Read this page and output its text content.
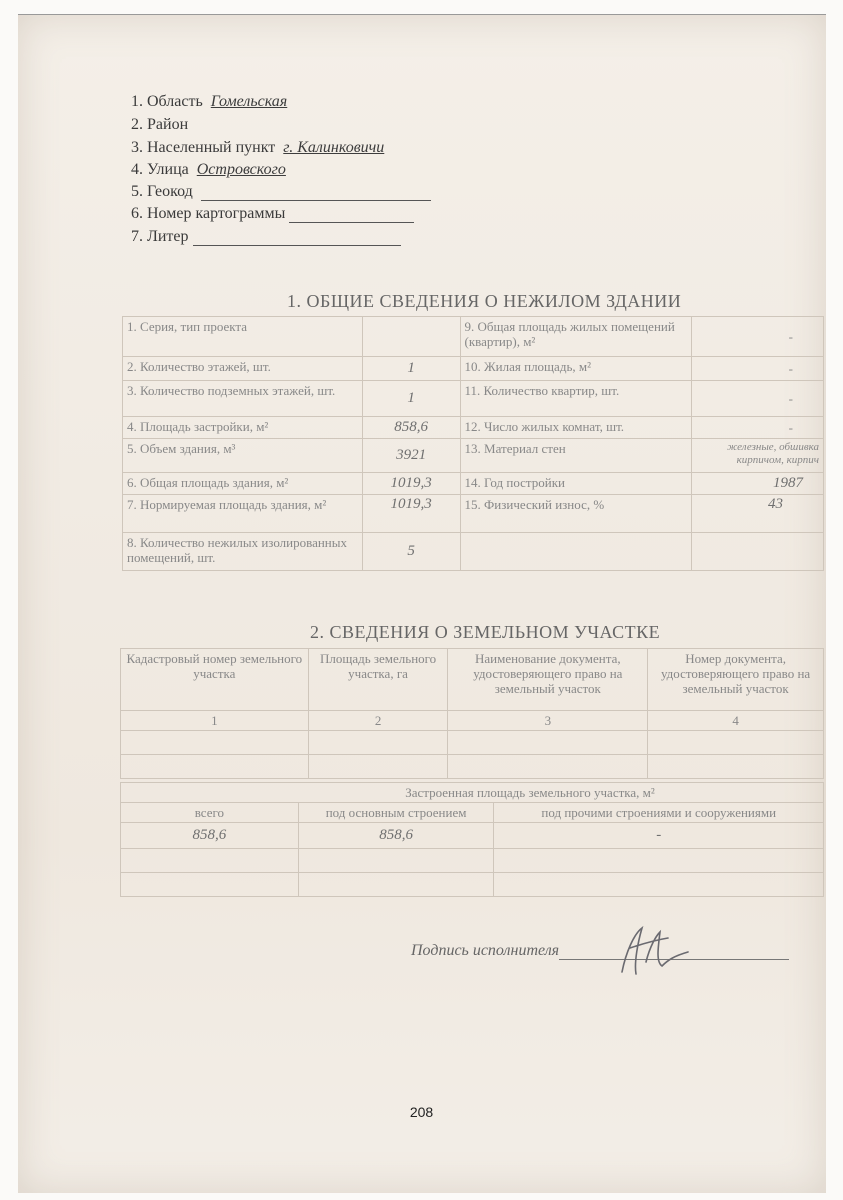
1. Область Гомельская
2. Район
3. Населенный пункт г. Калинковичи
4. Улица Островского
5. Геокод
6. Номер картограммы
7. Литер
1. ОБЩИЕ СВЕДЕНИЯ О НЕЖИЛОМ ЗДАНИИ
1. Серия, тип проекта		9. Общая площадь жилых помещений (квартир), м²	-
2. Количество этажей, шт.	1	10. Жилая площадь, м²	-
3. Количество подземных этажей, шт.	1	11. Количество квартир, шт.	-
4. Площадь застройки, м²	858,6	12. Число жилых комнат, шт.	-
5. Объем здания, м³	3921	13. Материал стен	железные, обшивка кирпичом, кирпич
6. Общая площадь здания, м²	1019,3	14. Год постройки	1987
7. Нормируемая площадь здания, м²	1019,3	15. Физический износ, %	43
8. Количество нежилых изолированных помещений, шт.	5		
2. СВЕДЕНИЯ О ЗЕМЕЛЬНОМ УЧАСТКЕ
Кадастровый номер земельного участка	Площадь земельного участка, га	Наименование документа, удостоверяющего право на земельный участок	Номер документа, удостоверяющего право на земельный участок
1	2	3	4

Застроенная площадь земельного участка, м²		
всего	под основным строением	под прочими строениями и сооружениями
858,6	858,6	-

Подпись исполнителя
208
